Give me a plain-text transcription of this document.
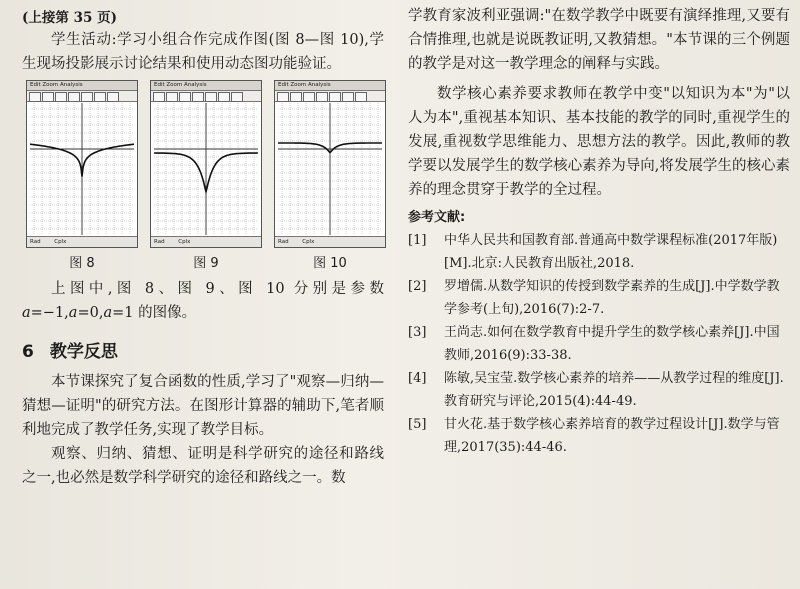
(上接第 35 页)

学生活动:学习小组合作完成作图(图 8—图 10),学生现场投影展示讨论结果和使用动态图功能验证。

Edit Zoom Analysis
Rad Cplx
图 8
Edit Zoom Analysis
Rad Cplx
图 9
Edit Zoom Analysis
Rad Cplx
图 10

上图中,图 8、图 9、图 10 分别是参数 a=−1,a=0,a=1 的图像。

6 教学反思

本节课探究了复合函数的性质,学习了"观察—归纳—猜想—证明"的研究方法。在图形计算器的辅助下,笔者顺利地完成了教学任务,实现了教学目标。

观察、归纳、猜想、证明是科学研究的途径和路线之一,也必然是数学科学研究的途径和路线之一。数

学教育家波利亚强调:"在数学教学中既要有演绎推理,又要有合情推理,也就是说既教证明,又教猜想。"本节课的三个例题的教学是对这一教学理念的阐释与实践。

数学核心素养要求教师在教学中变"以知识为本"为"以人为本",重视基本知识、基本技能的教学的同时,重视学生的发展,重视数学思维能力、思想方法的教学。因此,教师的教学要以发展学生的数学核心素养为导向,将发展学生的核心素养的理念贯穿于教学的全过程。

参考文献:
[1]	中华人民共和国教育部.普通高中数学课程标准(2017年版)[M].北京:人民教育出版社,2018.
[2]	罗增儒.从数学知识的传授到数学素养的生成[J].中学数学教学参考(上旬),2016(7):2-7.
[3]	王尚志.如何在数学教育中提升学生的数学核心素养[J].中国教师,2016(9):33-38.
[4]	陈敏,吴宝莹.数学核心素养的培养——从教学过程的维度[J].教育研究与评论,2015(4):44-49.
[5]	甘火花.基于数学核心素养培育的教学过程设计[J].数学与管理,2017(35):44-46.
